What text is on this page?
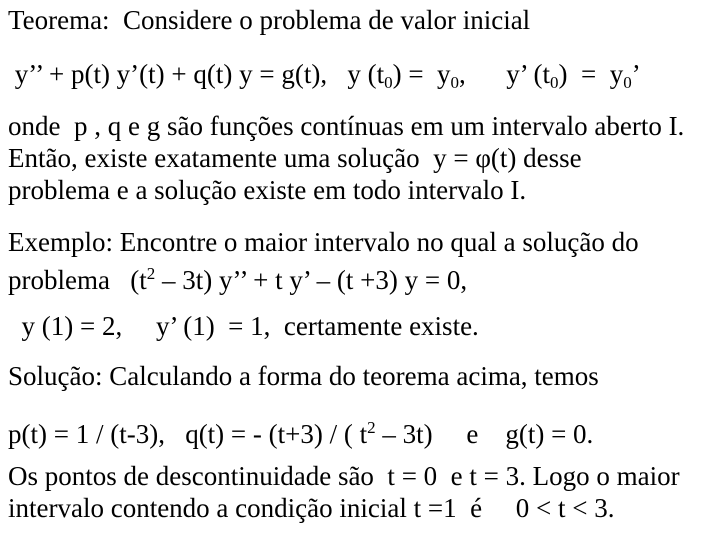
Teorema:  Considere o problema de valor inicial
y’’ + p(t) y’(t) + q(t) y = g(t),   y $(t_0) = y_0$,      y’ $(t_0) = y_0$’
onde  p , q e g são funções contínuas em um intervalo aberto I.
Então, existe exatamente uma solução  y = φ(t) desse
problema e a solução existe em todo intervalo I.
Exemplo: Encontre o maior intervalo no qual a solução do
problema   $(t^2 - 3t) y$’’ + t y’ – (t +3) y = 0,
y (1) = 2,     y’ (1)  = 1,  certamente existe.
Solução: Calculando a forma do teorema acima, temos
p(t) = 1 / (t-3),   q(t) = - (t+3) / ( $t^2 - 3t$)     e    g(t) = 0.
Os pontos de descontinuidade são  t = 0  e t = 3. Logo o maior
intervalo contendo a condição inicial t =1  é     0 < t < 3.
